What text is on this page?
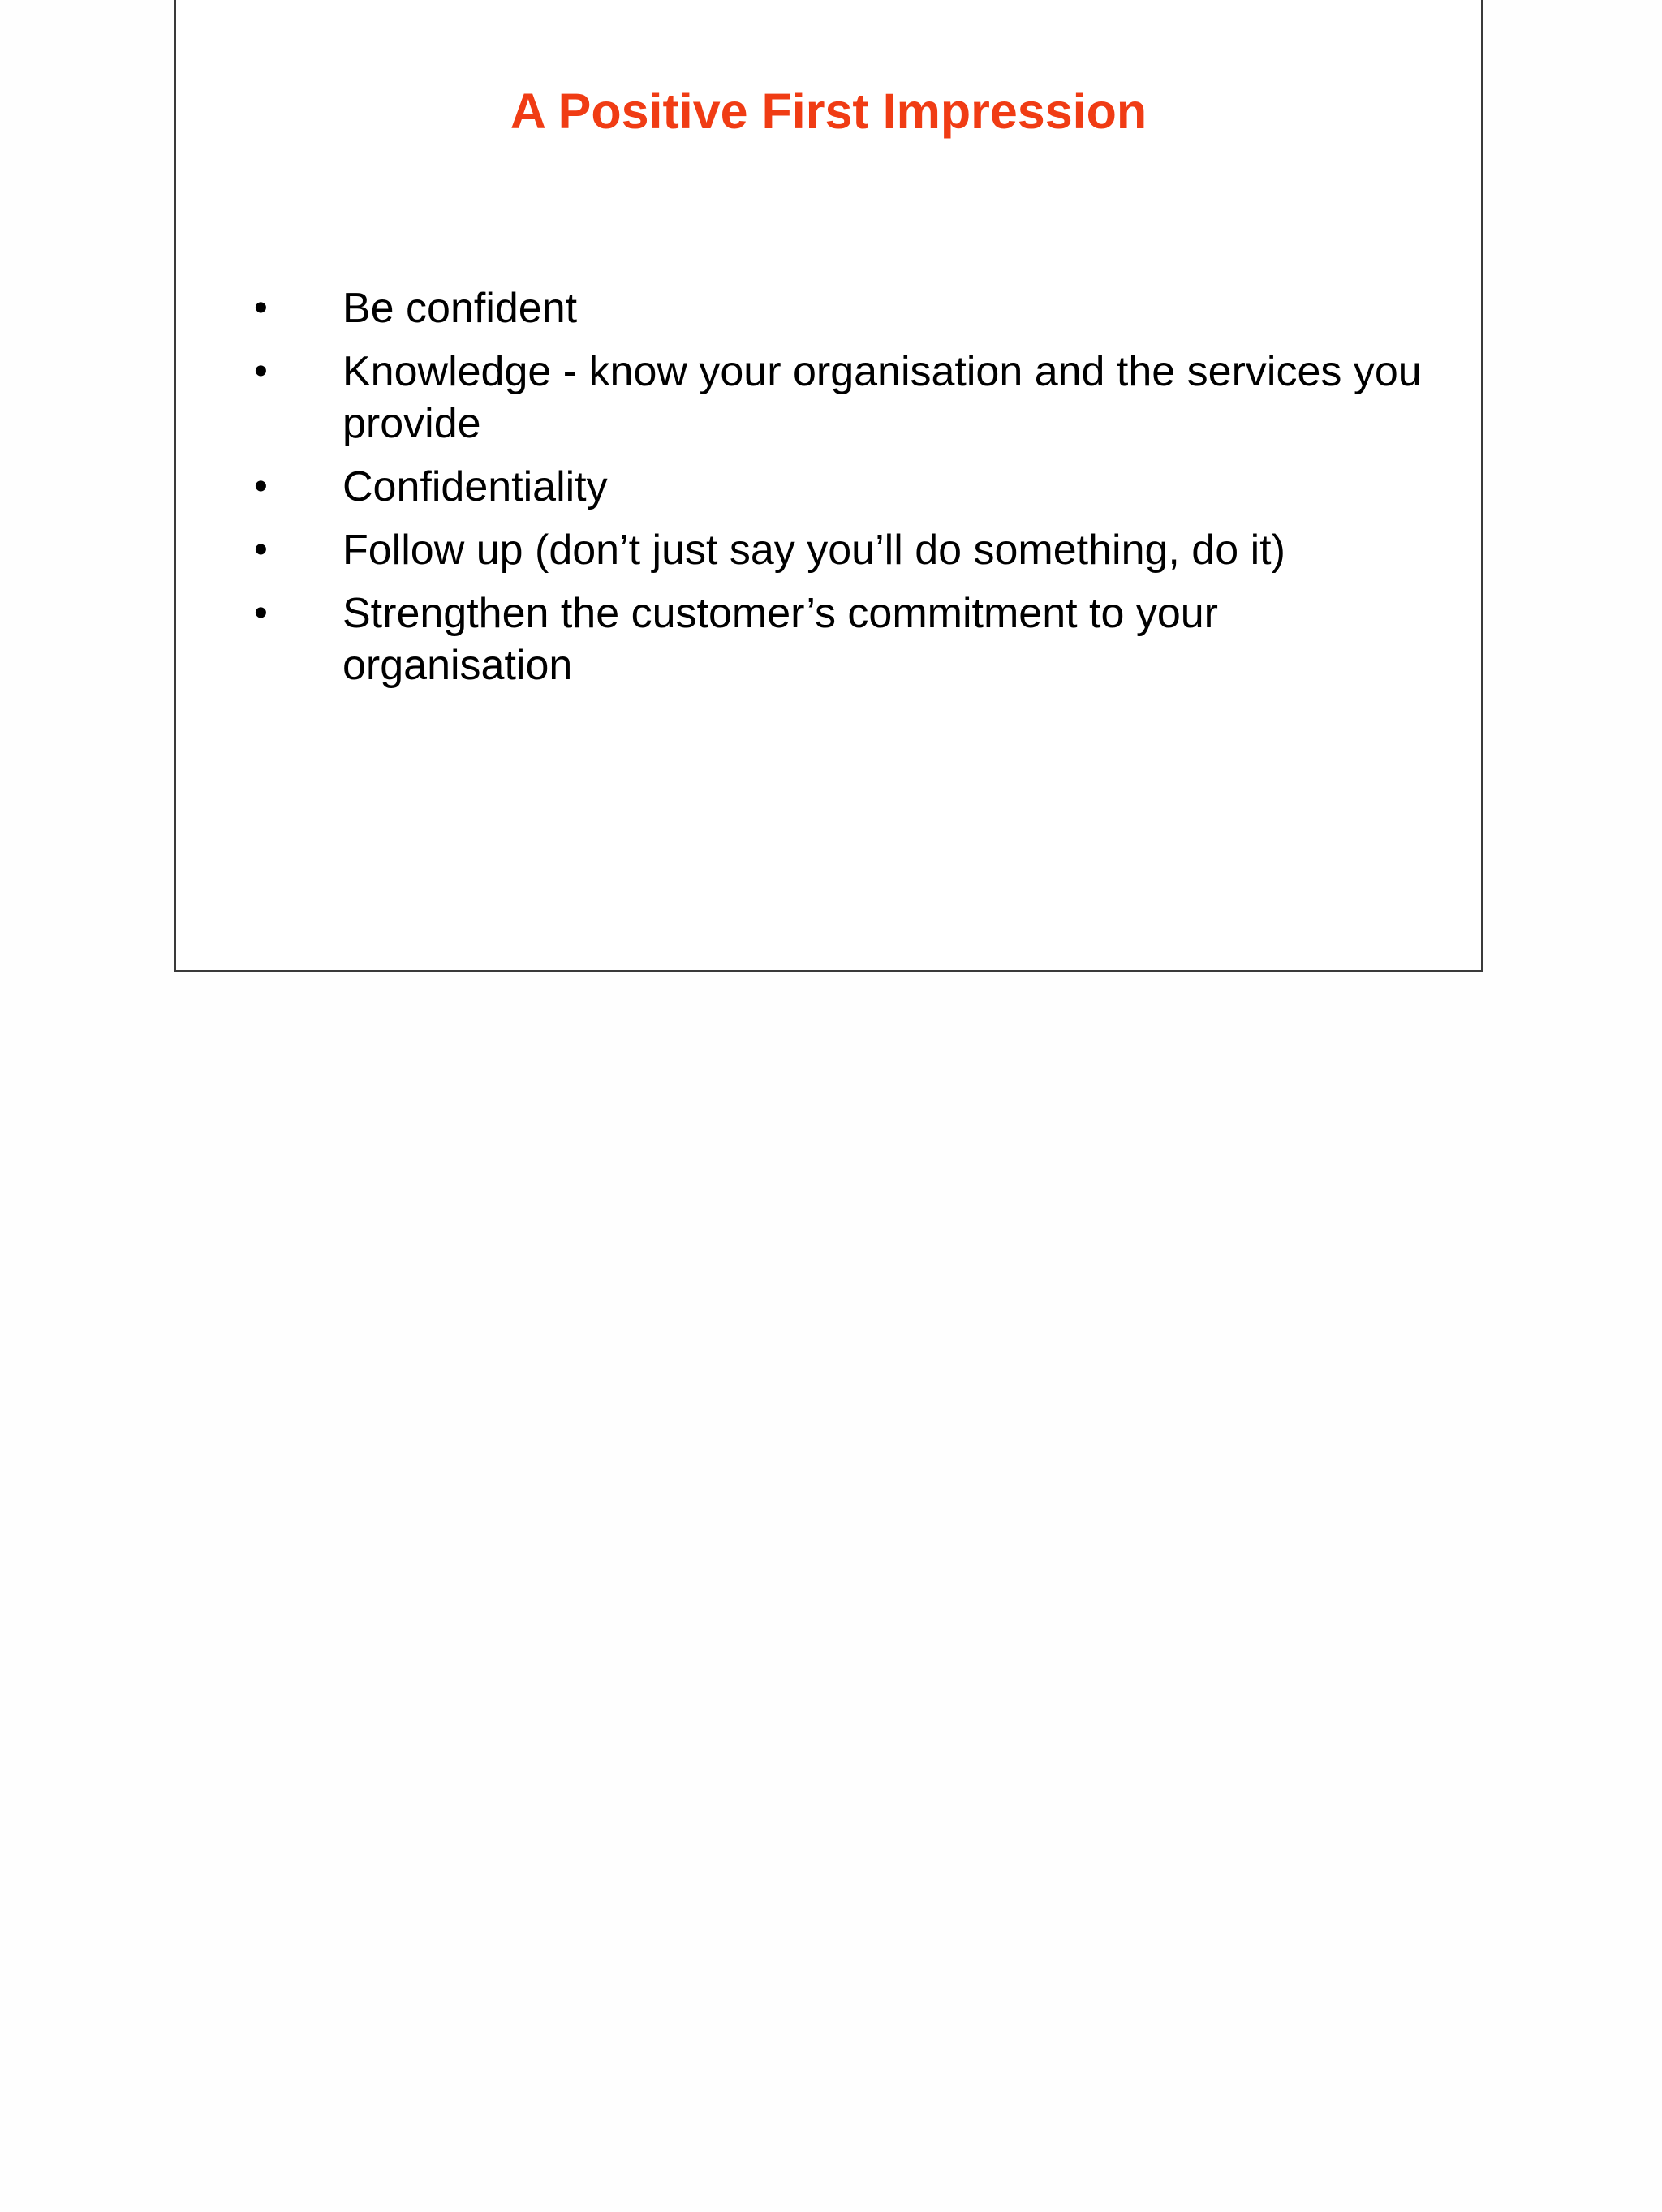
A Positive First Impression
•	Be confident
•	Knowledge - know your organisation and the services you provide
•	Confidentiality
•	Follow up (don’t just say you’ll do something, do it)
•	Strengthen the customer’s commitment to your organisation
